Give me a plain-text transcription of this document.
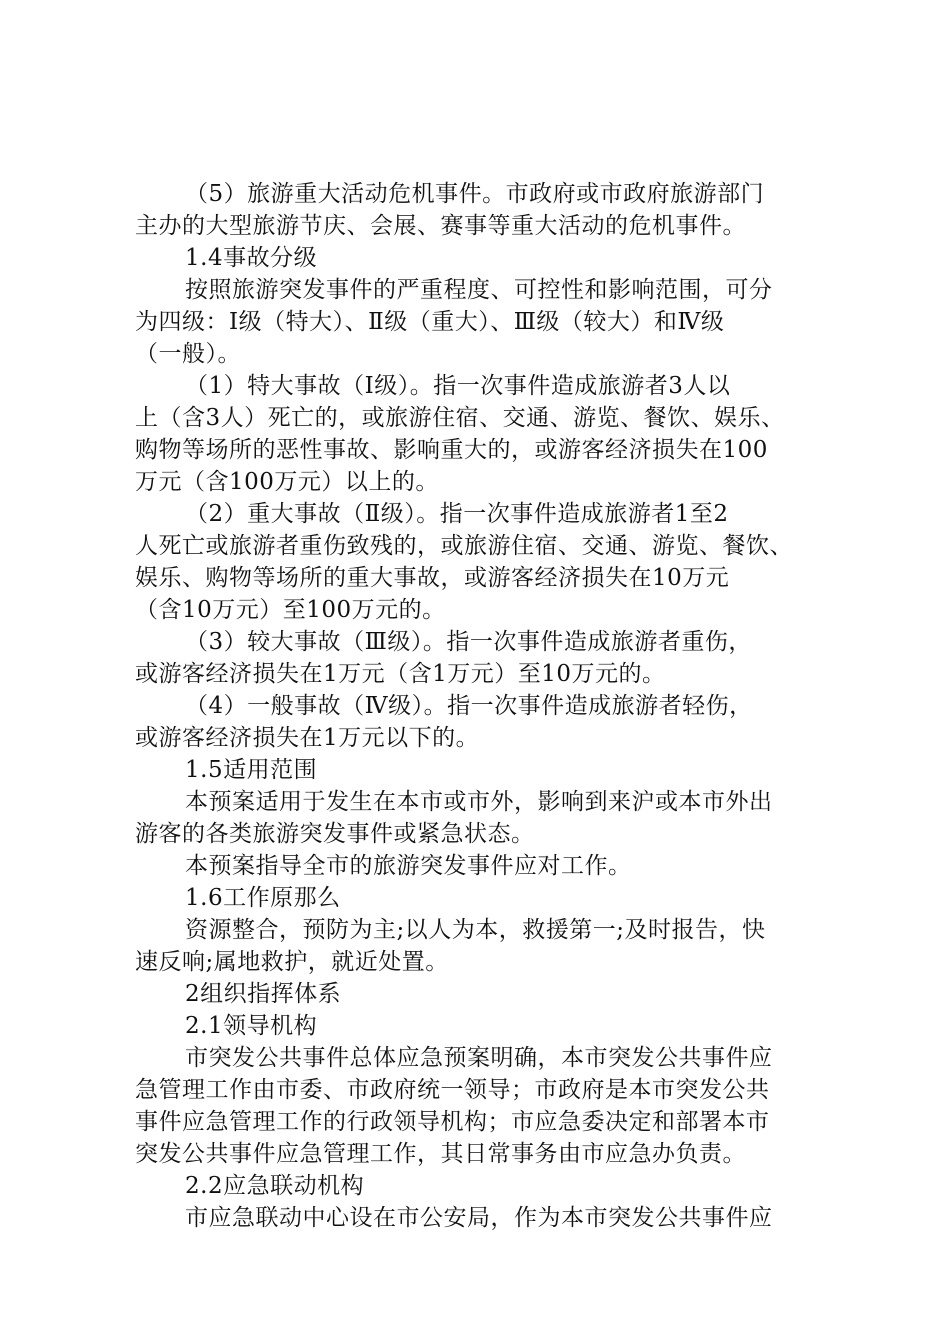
（5）旅游重大活动危机事件。市政府或市政府旅游部门
主办的大型旅游节庆、会展、赛事等重大活动的危机事件。
1.4事故分级
按照旅游突发事件的严重程度、可控性和影响范围，可分
为四级：Ⅰ级（特大）、Ⅱ级（重大）、Ⅲ级（较大）和Ⅳ级
（一般）。
（1）特大事故（Ⅰ级）。指一次事件造成旅游者3人以
上（含3人）死亡的，或旅游住宿、交通、游览、餐饮、娱乐、
购物等场所的恶性事故、影响重大的，或游客经济损失在100
万元（含100万元）以上的。
（2）重大事故（Ⅱ级）。指一次事件造成旅游者1至2
人死亡或旅游者重伤致残的，或旅游住宿、交通、游览、餐饮、
娱乐、购物等场所的重大事故，或游客经济损失在10万元
（含10万元）至100万元的。
（3）较大事故（Ⅲ级）。指一次事件造成旅游者重伤，
或游客经济损失在1万元（含1万元）至10万元的。
（4）一般事故（Ⅳ级）。指一次事件造成旅游者轻伤，
或游客经济损失在1万元以下的。
1.5适用范围
本预案适用于发生在本市或市外，影响到来沪或本市外出
游客的各类旅游突发事件或紧急状态。
本预案指导全市的旅游突发事件应对工作。
1.6工作原那么
资源整合，预防为主;以人为本，救援第一;及时报告，快
速反响;属地救护，就近处置。
2组织指挥体系
2.1领导机构
市突发公共事件总体应急预案明确，本市突发公共事件应
急管理工作由市委、市政府统一领导；市政府是本市突发公共
事件应急管理工作的行政领导机构；市应急委决定和部署本市
突发公共事件应急管理工作，其日常事务由市应急办负责。
2.2应急联动机构
市应急联动中心设在市公安局，作为本市突发公共事件应
